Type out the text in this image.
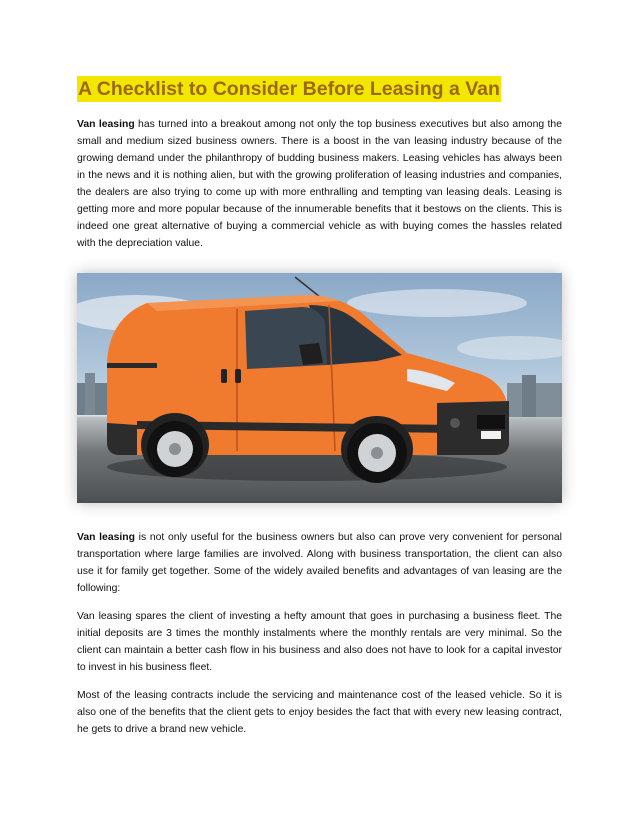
A Checklist to Consider Before Leasing a Van

Van leasing has turned into a breakout among not only the top business executives but also among the small and medium sized business owners. There is a boost in the van leasing industry because of the growing demand under the philanthropy of budding business makers. Leasing vehicles has always been in the news and it is nothing alien, but with the growing proliferation of leasing industries and companies, the dealers are also trying to come up with more enthralling and tempting van leasing deals. Leasing is getting more and more popular because of the innumerable benefits that it bestows on the clients. This is indeed one great alternative of buying a commercial vehicle as with buying comes the hassles related with the depreciation value.

Van leasing is not only useful for the business owners but also can prove very convenient for personal transportation where large families are involved. Along with business transportation, the client can also use it for family get together. Some of the widely availed benefits and advantages of van leasing are the following:

Van leasing spares the client of investing a hefty amount that goes in purchasing a business fleet. The initial deposits are 3 times the monthly instalments where the monthly rentals are very minimal. So the client can maintain a better cash flow in his business and also does not have to look for a capital investor to invest in his business fleet.

Most of the leasing contracts include the servicing and maintenance cost of the leased vehicle. So it is also one of the benefits that the client gets to enjoy besides the fact that with every new leasing contract, he gets to drive a brand new vehicle.
